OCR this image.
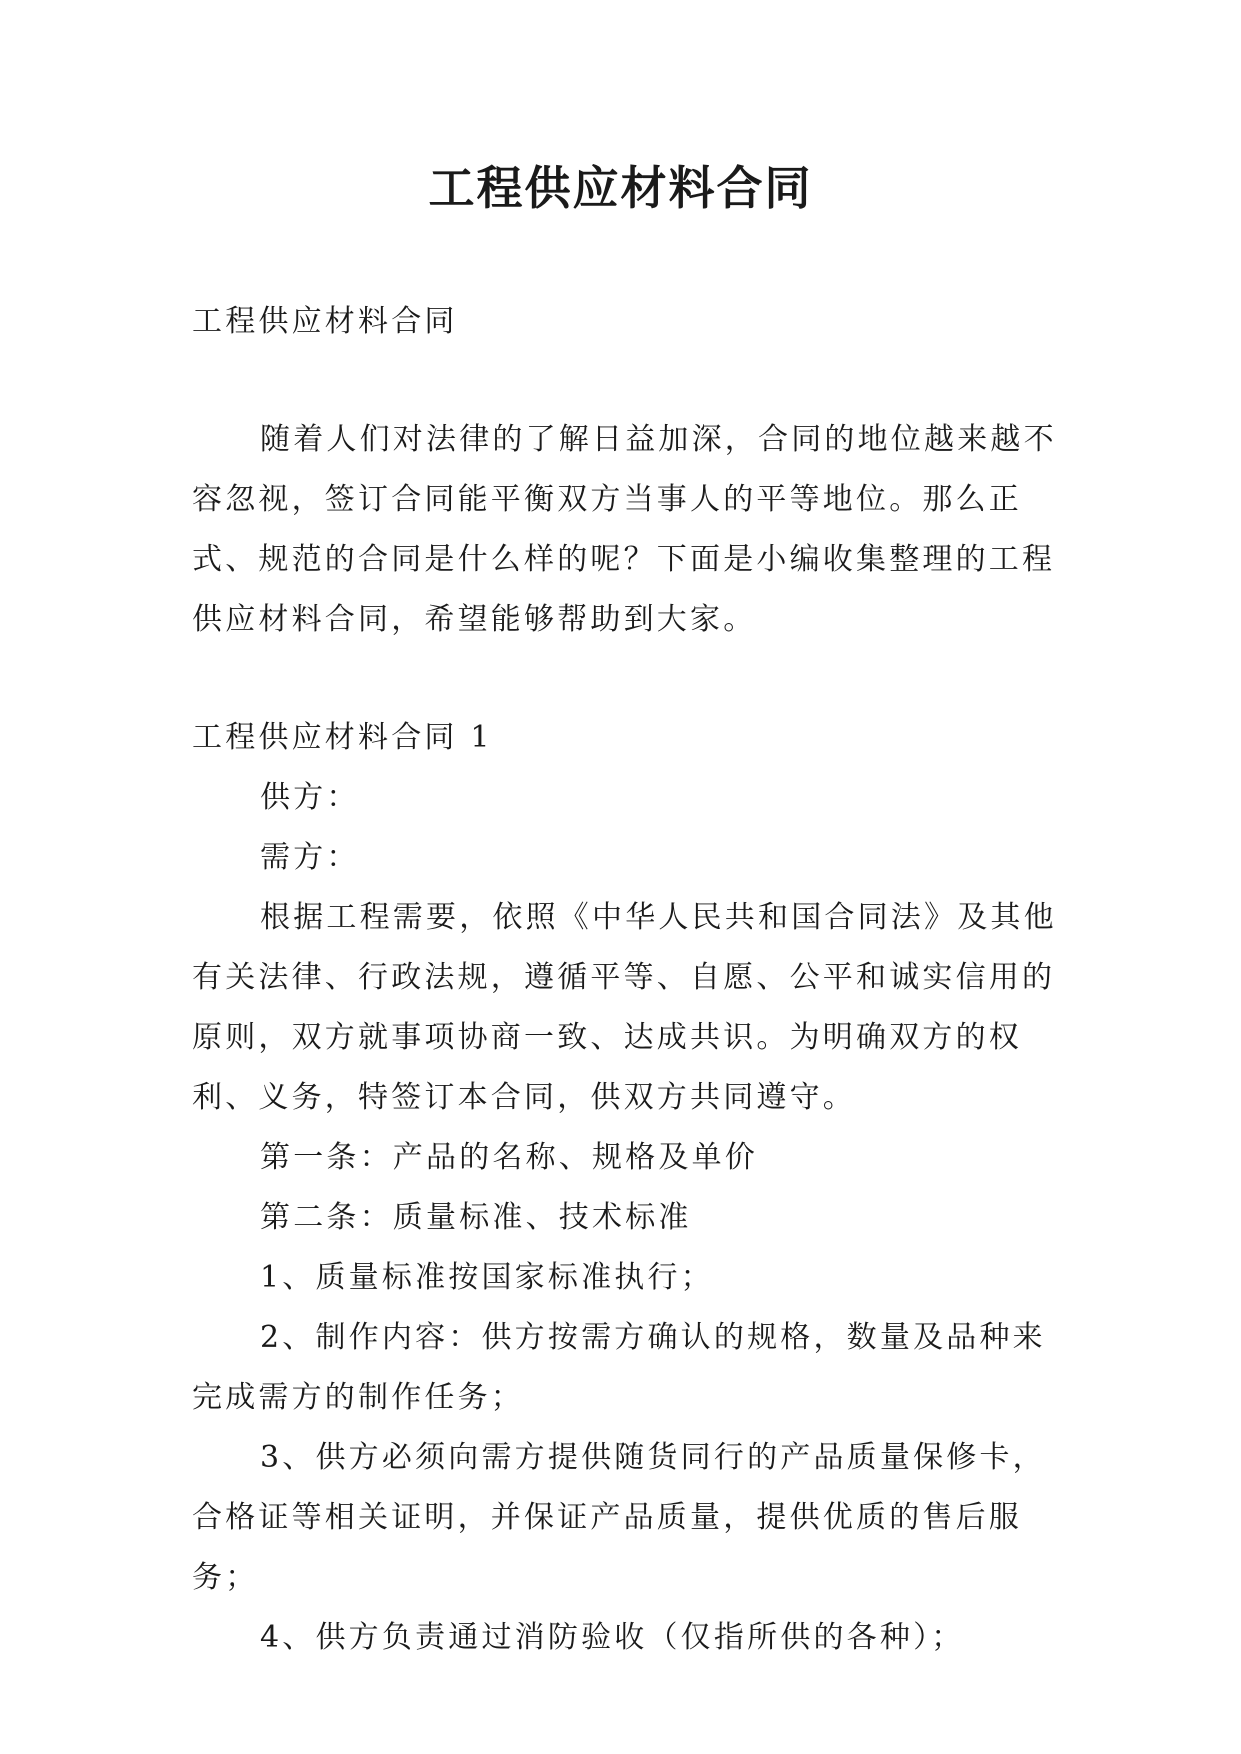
工程供应材料合同

工程供应材料合同

随着人们对法律的了解日益加深，合同的地位越来越不容忽视，签订合同能平衡双方当事人的平等地位。那么正式、规范的合同是什么样的呢？下面是小编收集整理的工程供应材料合同，希望能够帮助到大家。

工程供应材料合同 1

供方：

需方：

根据工程需要，依照《中华人民共和国合同法》及其他有关法律、行政法规，遵循平等、自愿、公平和诚实信用的原则，双方就事项协商一致、达成共识。为明确双方的权利、义务，特签订本合同，供双方共同遵守。

第一条：产品的名称、规格及单价

第二条：质量标准、技术标准

1、质量标准按国家标准执行；

2、制作内容：供方按需方确认的规格，数量及品种来完成需方的制作任务；

3、供方必须向需方提供随货同行的产品质量保修卡，合格证等相关证明，并保证产品质量，提供优质的售后服务；

4、供方负责通过消防验收（仅指所供的各种）；
